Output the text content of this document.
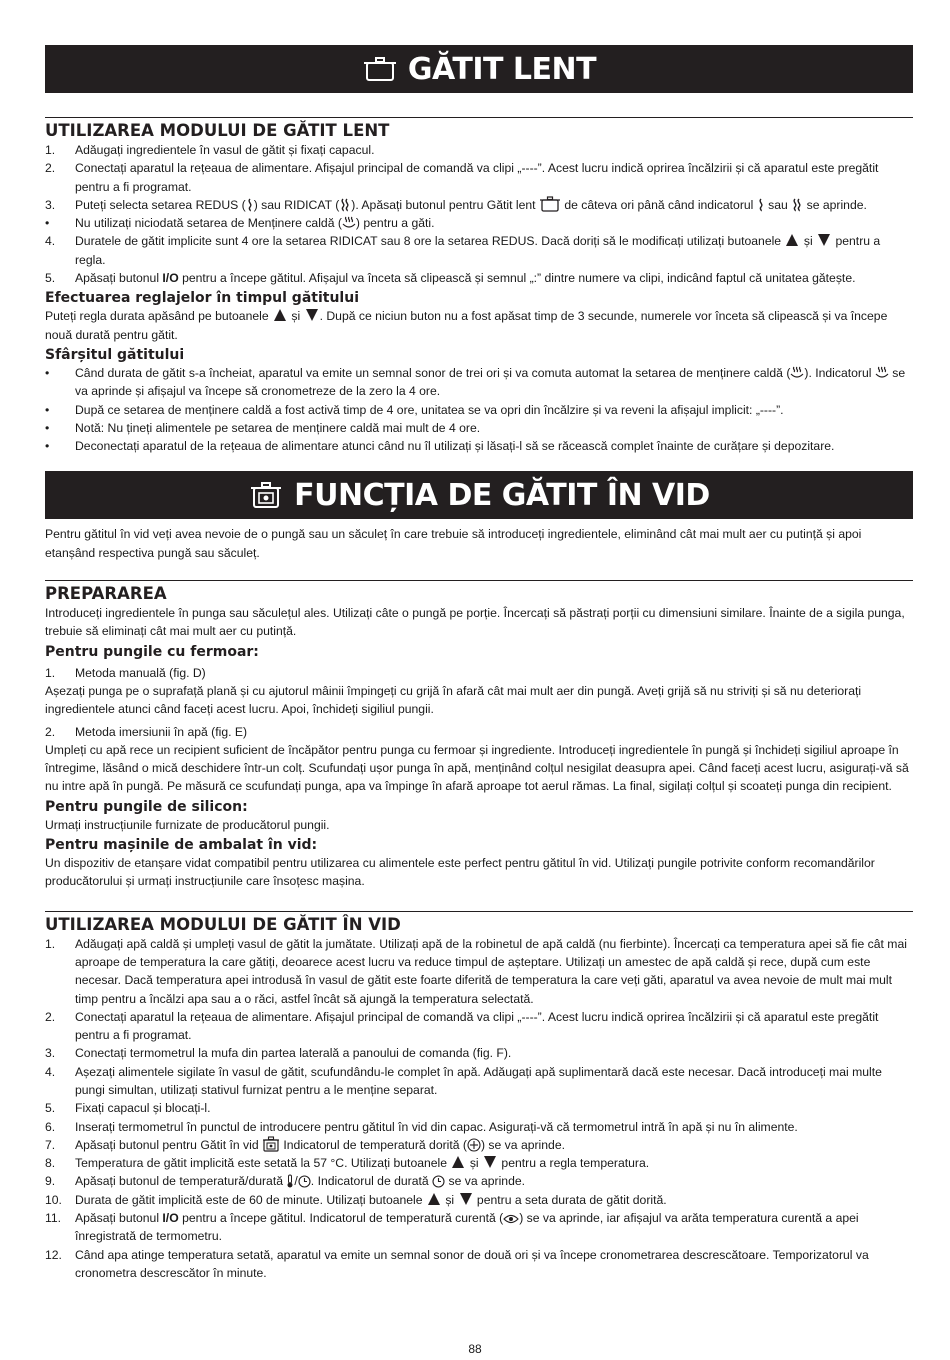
GĂTIT LENT
UTILIZAREA MODULUI DE GĂTIT LENT
1.	Adăugați ingredientele în vasul de gătit și fixați capacul.
2.	Conectați aparatul la rețeaua de alimentare. Afișajul principal de comandă va clipi „----”. Acest lucru indică oprirea încălzirii și că aparatul este pregătit pentru a fi programat.
3.	Puteți selecta setarea REDUS ( ) sau RIDICAT ( ). Apăsați butonul pentru Gătit lent de câteva ori până când indicatorul sau se aprinde.
•	Nu utilizați niciodată setarea de Menținere caldă ( ) pentru a găti.
4.	Duratele de gătit implicite sunt 4 ore la setarea RIDICAT sau 8 ore la setarea REDUS. Dacă doriți să le modificați utilizați butoanele și pentru a regla.
5.	Apăsați butonul I/O pentru a începe gătitul. Afișajul va înceta să clipească și semnul „:” dintre numere va clipi, indicând faptul că unitatea gătește.
Efectuarea reglajelor în timpul gătitului

Puteți regla durata apăsând pe butoanele și . După ce niciun buton nu a fost apăsat timp de 3 secunde, numerele vor înceta să clipească și va începe nouă durată pentru gătit.

Sfârșitul gătitului
•	Când durata de gătit s-a încheiat, aparatul va emite un semnal sonor de trei ori și va comuta automat la setarea de menținere caldă ( ). Indicatorul se va aprinde și afișajul va începe să cronometreze de la zero la 4 ore.
•	După ce setarea de menținere caldă a fost activă timp de 4 ore, unitatea se va opri din încălzire și va reveni la afișajul implicit: „----”.
•	Notă: Nu țineți alimentele pe setarea de menținere caldă mai mult de 4 ore.
•	Deconectați aparatul de la rețeaua de alimentare atunci când nu îl utilizați și lăsați-l să se răcească complet înainte de curățare și depozitare.
FUNCȚIA DE GĂTIT ÎN VID

Pentru gătitul în vid veți avea nevoie de o pungă sau un săculeț în care trebuie să introduceți ingredientele, eliminând cât mai mult aer cu putință și apoi etanșând respectiva pungă sau săculeț.

PREPARAREA

Introduceți ingredientele în punga sau săculețul ales. Utilizați câte o pungă pe porție. Încercați să păstrați porții cu dimensiuni similare. Înainte de a sigila punga, trebuie să eliminați cât mai mult aer cu putință.

Pentru pungile cu fermoar:
1.	Metoda manuală (fig. D)

Așezați punga pe o suprafață plană și cu ajutorul mâinii împingeți cu grijă în afară cât mai mult aer din pungă. Aveți grijă să nu striviți și să nu deteriorați ingredientele atunci când faceți acest lucru. Apoi, închideți sigiliul pungii.

2.	Metoda imersiunii în apă (fig. E)

Umpleți cu apă rece un recipient suficient de încăpător pentru punga cu fermoar și ingrediente. Introduceți ingredientele în pungă și închideți sigiliul aproape în întregime, lăsând o mică deschidere într-un colț. Scufundați ușor punga în apă, menținând colțul nesigilat deasupra apei. Când faceți acest lucru, asigurați-vă să nu intre apă în pungă. Pe măsură ce scufundați punga, apa va împinge în afară aproape tot aerul rămas. La final, sigilați colțul și scoateți punga din recipient.

Pentru pungile de silicon:

Urmați instrucțiunile furnizate de producătorul pungii.

Pentru mașinile de ambalat în vid:

Un dispozitiv de etanșare vidat compatibil pentru utilizarea cu alimentele este perfect pentru gătitul în vid. Utilizați pungile potrivite conform recomandărilor producătorului și urmați instrucțiunile care însoțesc mașina.

UTILIZAREA MODULUI DE GĂTIT ÎN VID
1.	Adăugați apă caldă și umpleți vasul de gătit la jumătate. Utilizați apă de la robinetul de apă caldă (nu fierbinte). Încercați ca temperatura apei să fie cât mai aproape de temperatura la care gătiți, deoarece acest lucru va reduce timpul de așteptare. Utilizați un amestec de apă caldă și rece, după cum este necesar. Dacă temperatura apei introdusă în vasul de gătit este foarte diferită de temperatura la care veți găti, aparatul va avea nevoie de mult mai mult timp pentru a încălzi apa sau a o răci, astfel încât să ajungă la temperatura selectată.
2.	Conectați aparatul la rețeaua de alimentare. Afișajul principal de comandă va clipi „----”. Acest lucru indică oprirea încălzirii și că aparatul este pregătit pentru a fi programat.
3.	Conectați termometrul la mufa din partea laterală a panoului de comanda (fig. F).
4.	Așezați alimentele sigilate în vasul de gătit, scufundându-le complet în apă. Adăugați apă suplimentară dacă este necesar. Dacă introduceți mai multe pungi simultan, utilizați stativul furnizat pentru a le menține separat.
5.	Fixați capacul și blocați-l.
6.	Inserați termometrul în punctul de introducere pentru gătitul în vid din capac. Asigurați-vă că termometrul intră în apă și nu în alimente.
7.	Apăsați butonul pentru Gătit în vid Indicatorul de temperatură dorită ( ) se va aprinde.
8.	Temperatura de gătit implicită este setată la 57 °C. Utilizați butoanele și pentru a regla temperatura.
9.	Apăsați butonul de temperatură/durată / . Indicatorul de durată se va aprinde.
10.	Durata de gătit implicită este de 60 de minute. Utilizați butoanele și pentru a seta durata de gătit dorită.
11.	Apăsați butonul I/O pentru a începe gătitul. Indicatorul de temperatură curentă ( ) se va aprinde, iar afișajul va arăta temperatura curentă a apei înregistrată de termometru.
12.	Când apa atinge temperatura setată, aparatul va emite un semnal sonor de două ori și va începe cronometrarea descrescătoare. Temporizatorul va cronometra descrescător în minute.
88
